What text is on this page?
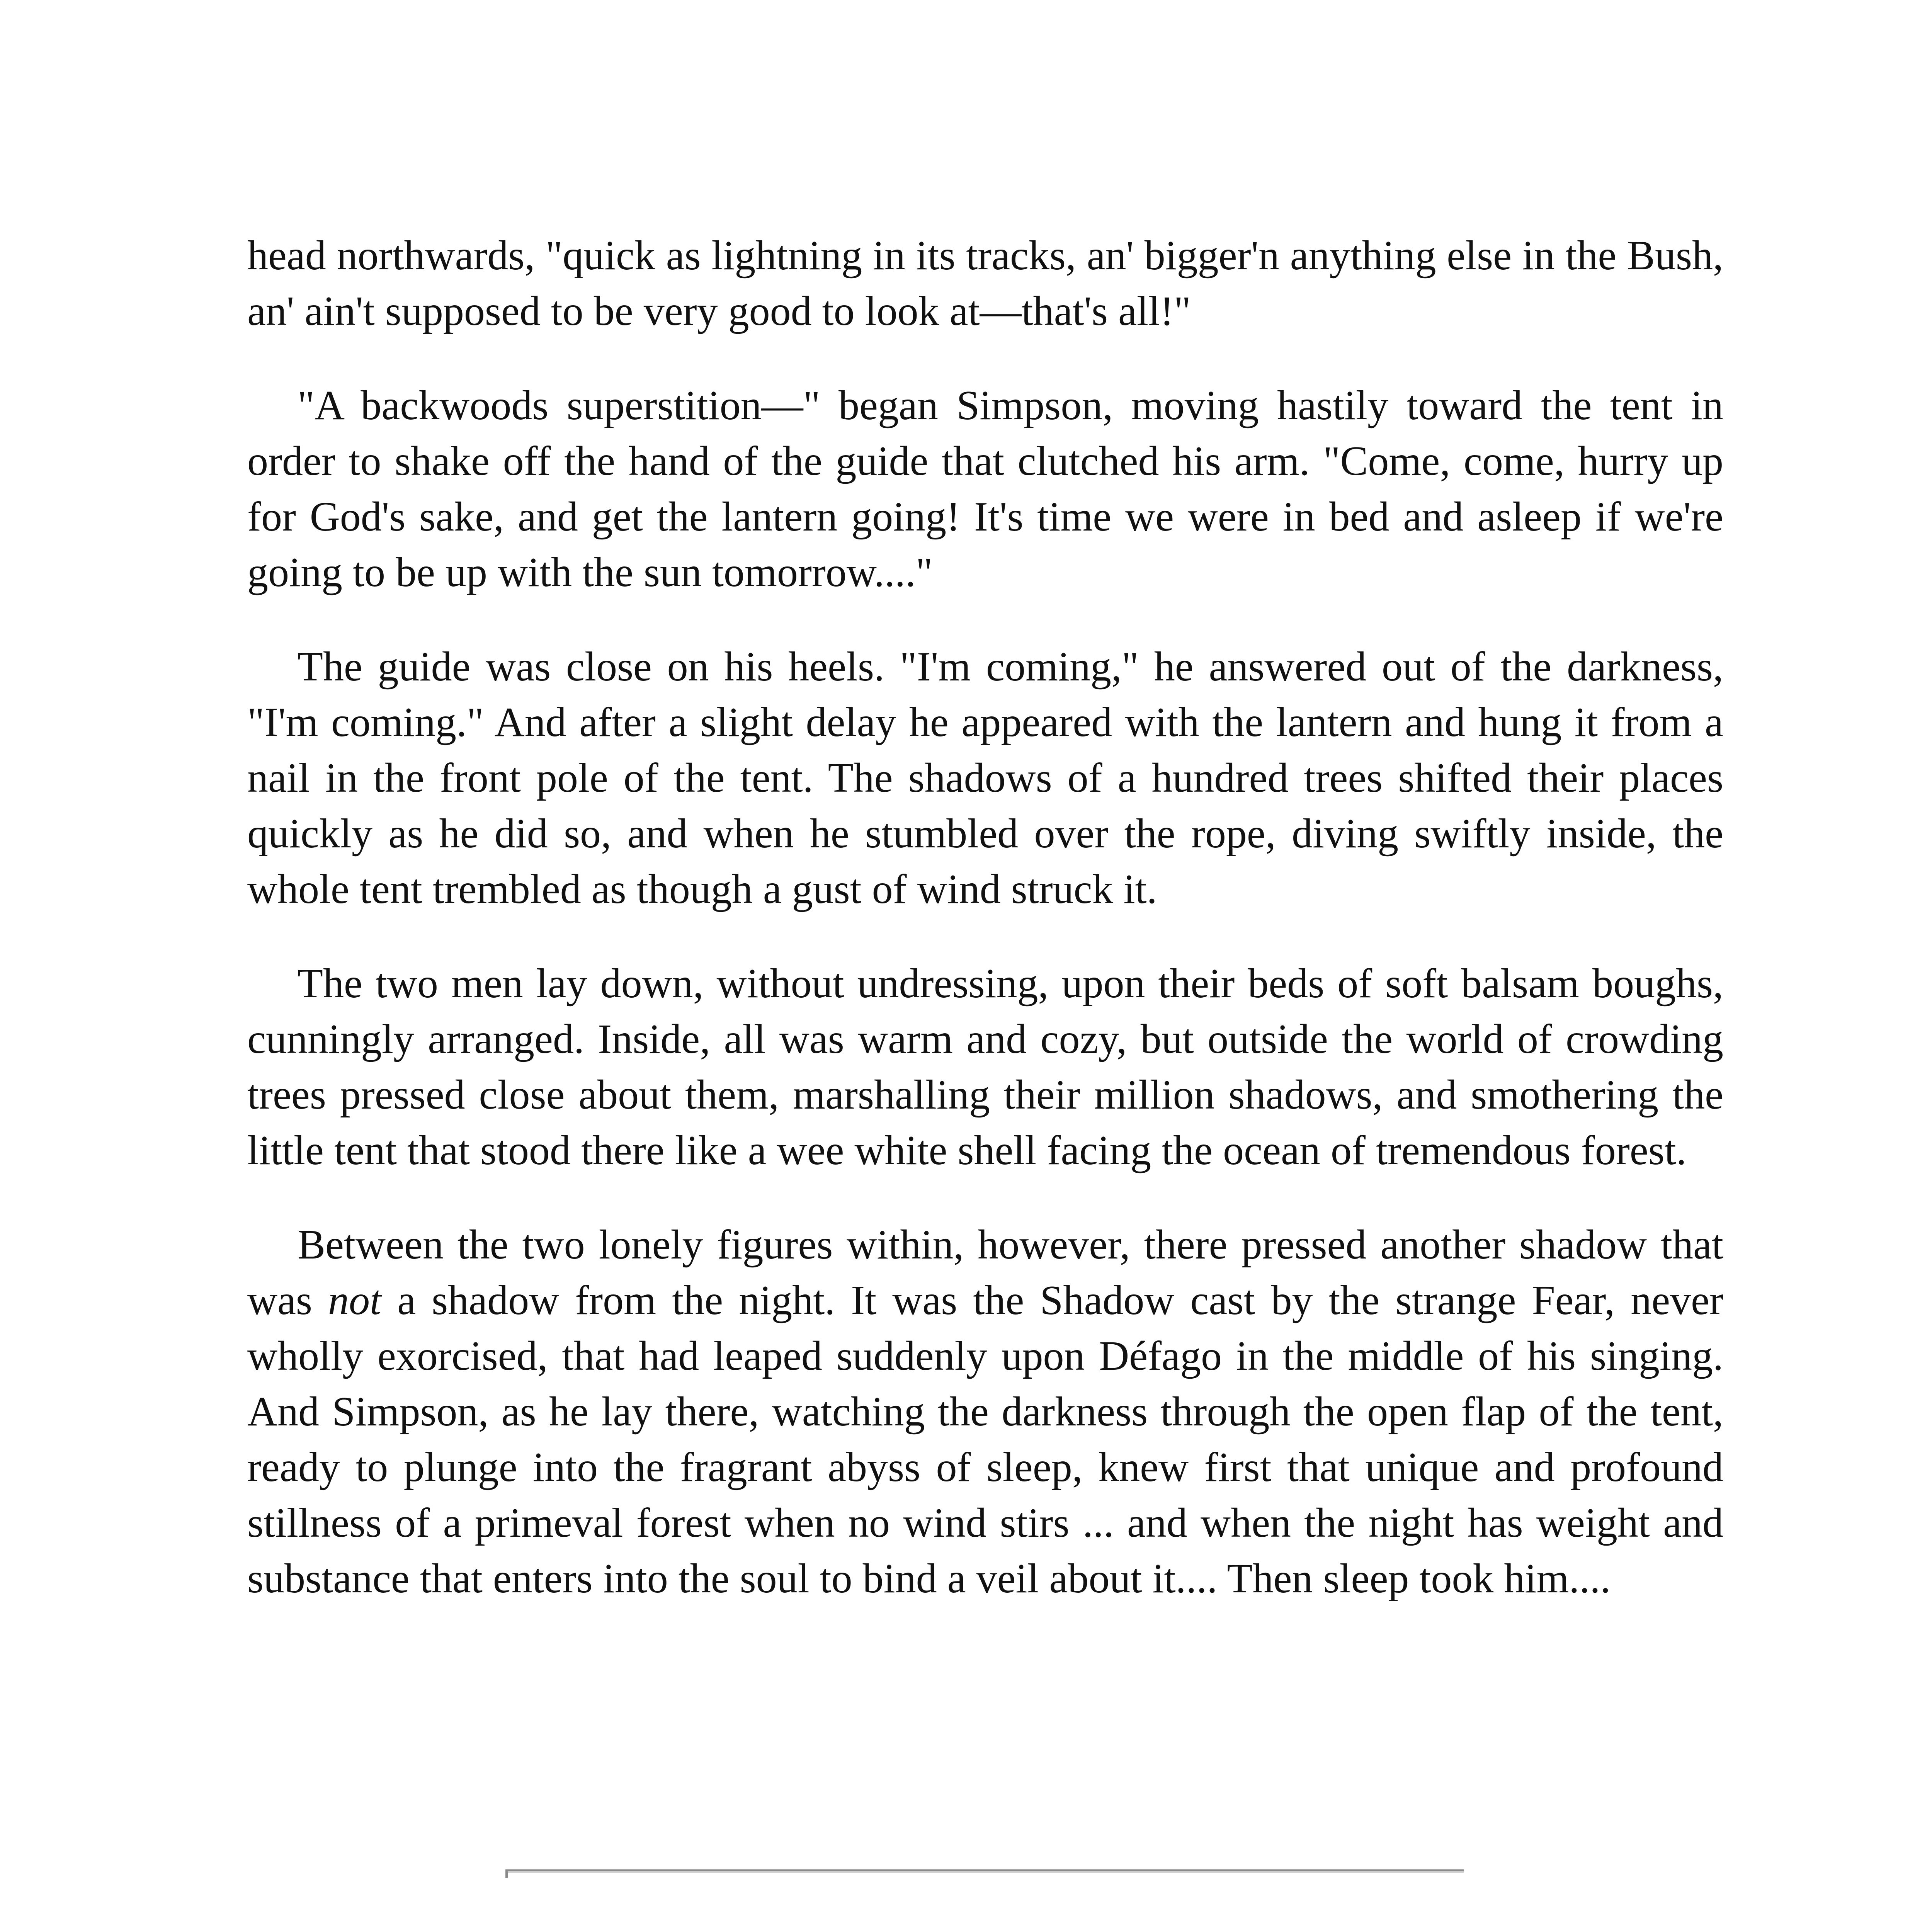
head northwards, "quick as lightning in its tracks, an' bigger'n anything else in the Bush, an' ain't supposed to be very good to look at—that's all!"

"A backwoods superstition—" began Simpson, moving hastily toward the tent in order to shake off the hand of the guide that clutched his arm. "Come, come, hurry up for God's sake, and get the lantern going! It's time we were in bed and asleep if we're going to be up with the sun tomorrow...."

The guide was close on his heels. "I'm coming," he answered out of the darkness, "I'm coming." And after a slight delay he appeared with the lantern and hung it from a nail in the front pole of the tent. The shadows of a hundred trees shifted their places quickly as he did so, and when he stumbled over the rope, diving swiftly inside, the whole tent trembled as though a gust of wind struck it.

The two men lay down, without undressing, upon their beds of soft balsam boughs, cunningly arranged. Inside, all was warm and cozy, but outside the world of crowding trees pressed close about them, marshalling their million shadows, and smothering the little tent that stood there like a wee white shell facing the ocean of tremendous forest.

Between the two lonely figures within, however, there pressed another shadow that was not a shadow from the night. It was the Shadow cast by the strange Fear, never wholly exorcised, that had leaped suddenly upon Défago in the middle of his singing. And Simpson, as he lay there, watching the darkness through the open flap of the tent, ready to plunge into the fragrant abyss of sleep, knew first that unique and profound stillness of a primeval forest when no wind stirs ... and when the night has weight and substance that enters into the soul to bind a veil about it.... Then sleep took him....
